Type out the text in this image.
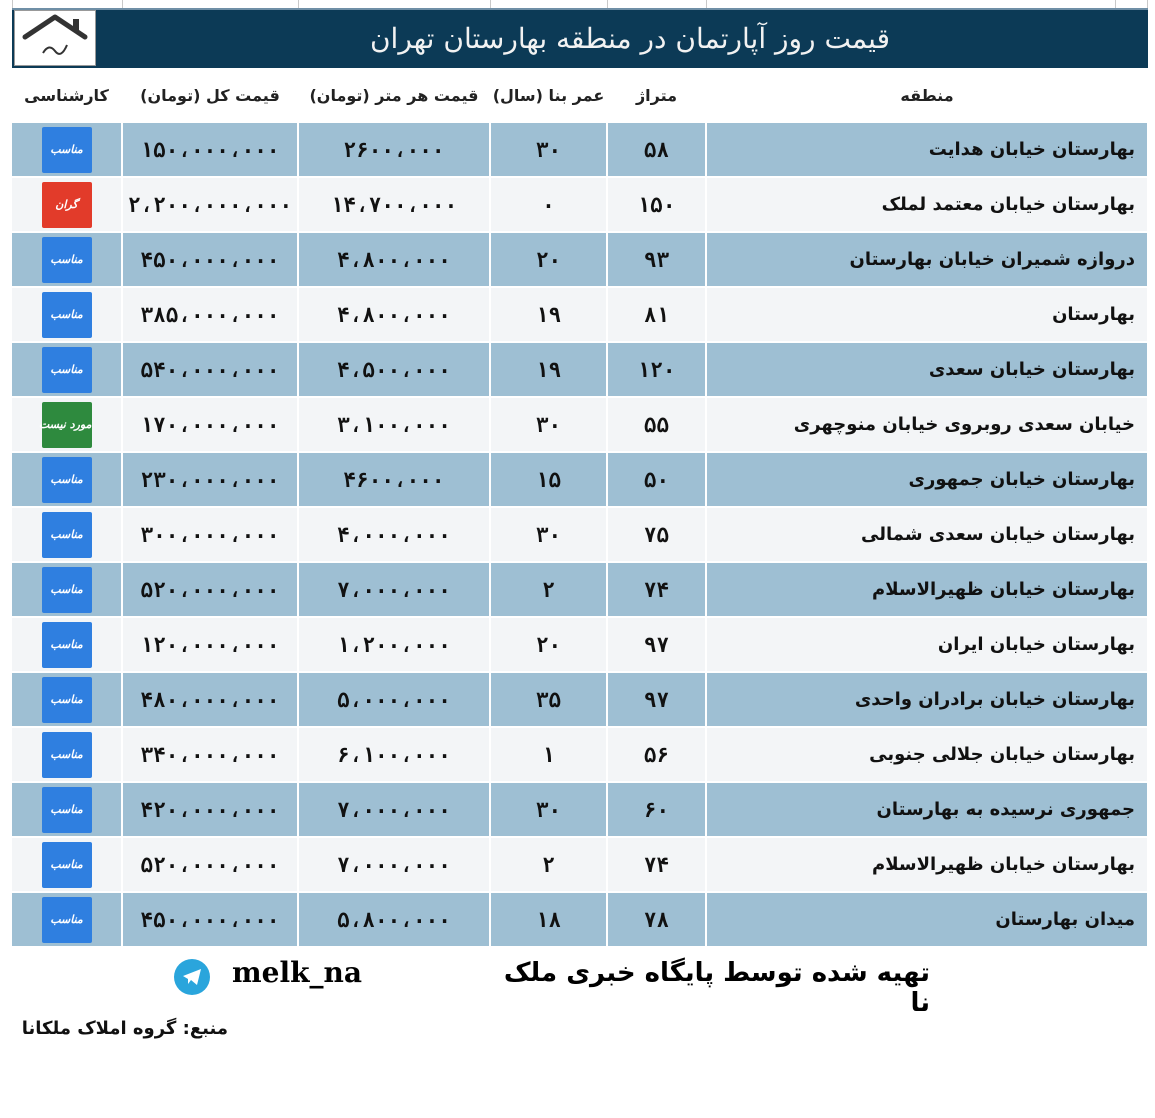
قیمت روز آپارتمان در منطقه بهارستان تهران
کارشناسی	قیمت کل (تومان)	قیمت هر متر (تومان)	عمر بنا (سال)	متراژ	منطقه
مناسب	۱۵۰،۰۰۰،۰۰۰	۲۶۰۰،۰۰۰	۳۰	۵۸	بهارستان خیابان هدایت
گران	۲،۲۰۰،۰۰۰،۰۰۰	۱۴،۷۰۰،۰۰۰	۰	۱۵۰	بهارستان خیابان معتمد لملک
مناسب	۴۵۰،۰۰۰،۰۰۰	۴،۸۰۰،۰۰۰	۲۰	۹۳	دروازه شمیران خیابان بهارستان
مناسب	۳۸۵،۰۰۰،۰۰۰	۴،۸۰۰،۰۰۰	۱۹	۸۱	بهارستان
مناسب	۵۴۰،۰۰۰،۰۰۰	۴،۵۰۰،۰۰۰	۱۹	۱۲۰	بهارستان خیابان سعدی
مورد نیست	۱۷۰،۰۰۰،۰۰۰	۳،۱۰۰،۰۰۰	۳۰	۵۵	خیابان سعدی روبروی خیابان منوچهری
مناسب	۲۳۰،۰۰۰،۰۰۰	۴۶۰۰،۰۰۰	۱۵	۵۰	بهارستان خیابان جمهوری
مناسب	۳۰۰،۰۰۰،۰۰۰	۴،۰۰۰،۰۰۰	۳۰	۷۵	بهارستان خیابان سعدی شمالی
مناسب	۵۲۰،۰۰۰،۰۰۰	۷،۰۰۰،۰۰۰	۲	۷۴	بهارستان خیابان ظهیرالاسلام
مناسب	۱۲۰،۰۰۰،۰۰۰	۱،۲۰۰،۰۰۰	۲۰	۹۷	بهارستان خیابان ایران
مناسب	۴۸۰،۰۰۰،۰۰۰	۵،۰۰۰،۰۰۰	۳۵	۹۷	بهارستان خیابان برادران واحدی
مناسب	۳۴۰،۰۰۰،۰۰۰	۶،۱۰۰،۰۰۰	۱	۵۶	بهارستان خیابان جلالی جنوبی
مناسب	۴۲۰،۰۰۰،۰۰۰	۷،۰۰۰،۰۰۰	۳۰	۶۰	جمهوری نرسیده به بهارستان
مناسب	۵۲۰،۰۰۰،۰۰۰	۷،۰۰۰،۰۰۰	۲	۷۴	بهارستان خیابان ظهیرالاسلام
مناسب	۴۵۰،۰۰۰،۰۰۰	۵،۸۰۰،۰۰۰	۱۸	۷۸	میدان بهارستان
melk_na	تهیه شده توسط پایگاه خبری ملک نا
منبع: گروه املاک ملکانا
